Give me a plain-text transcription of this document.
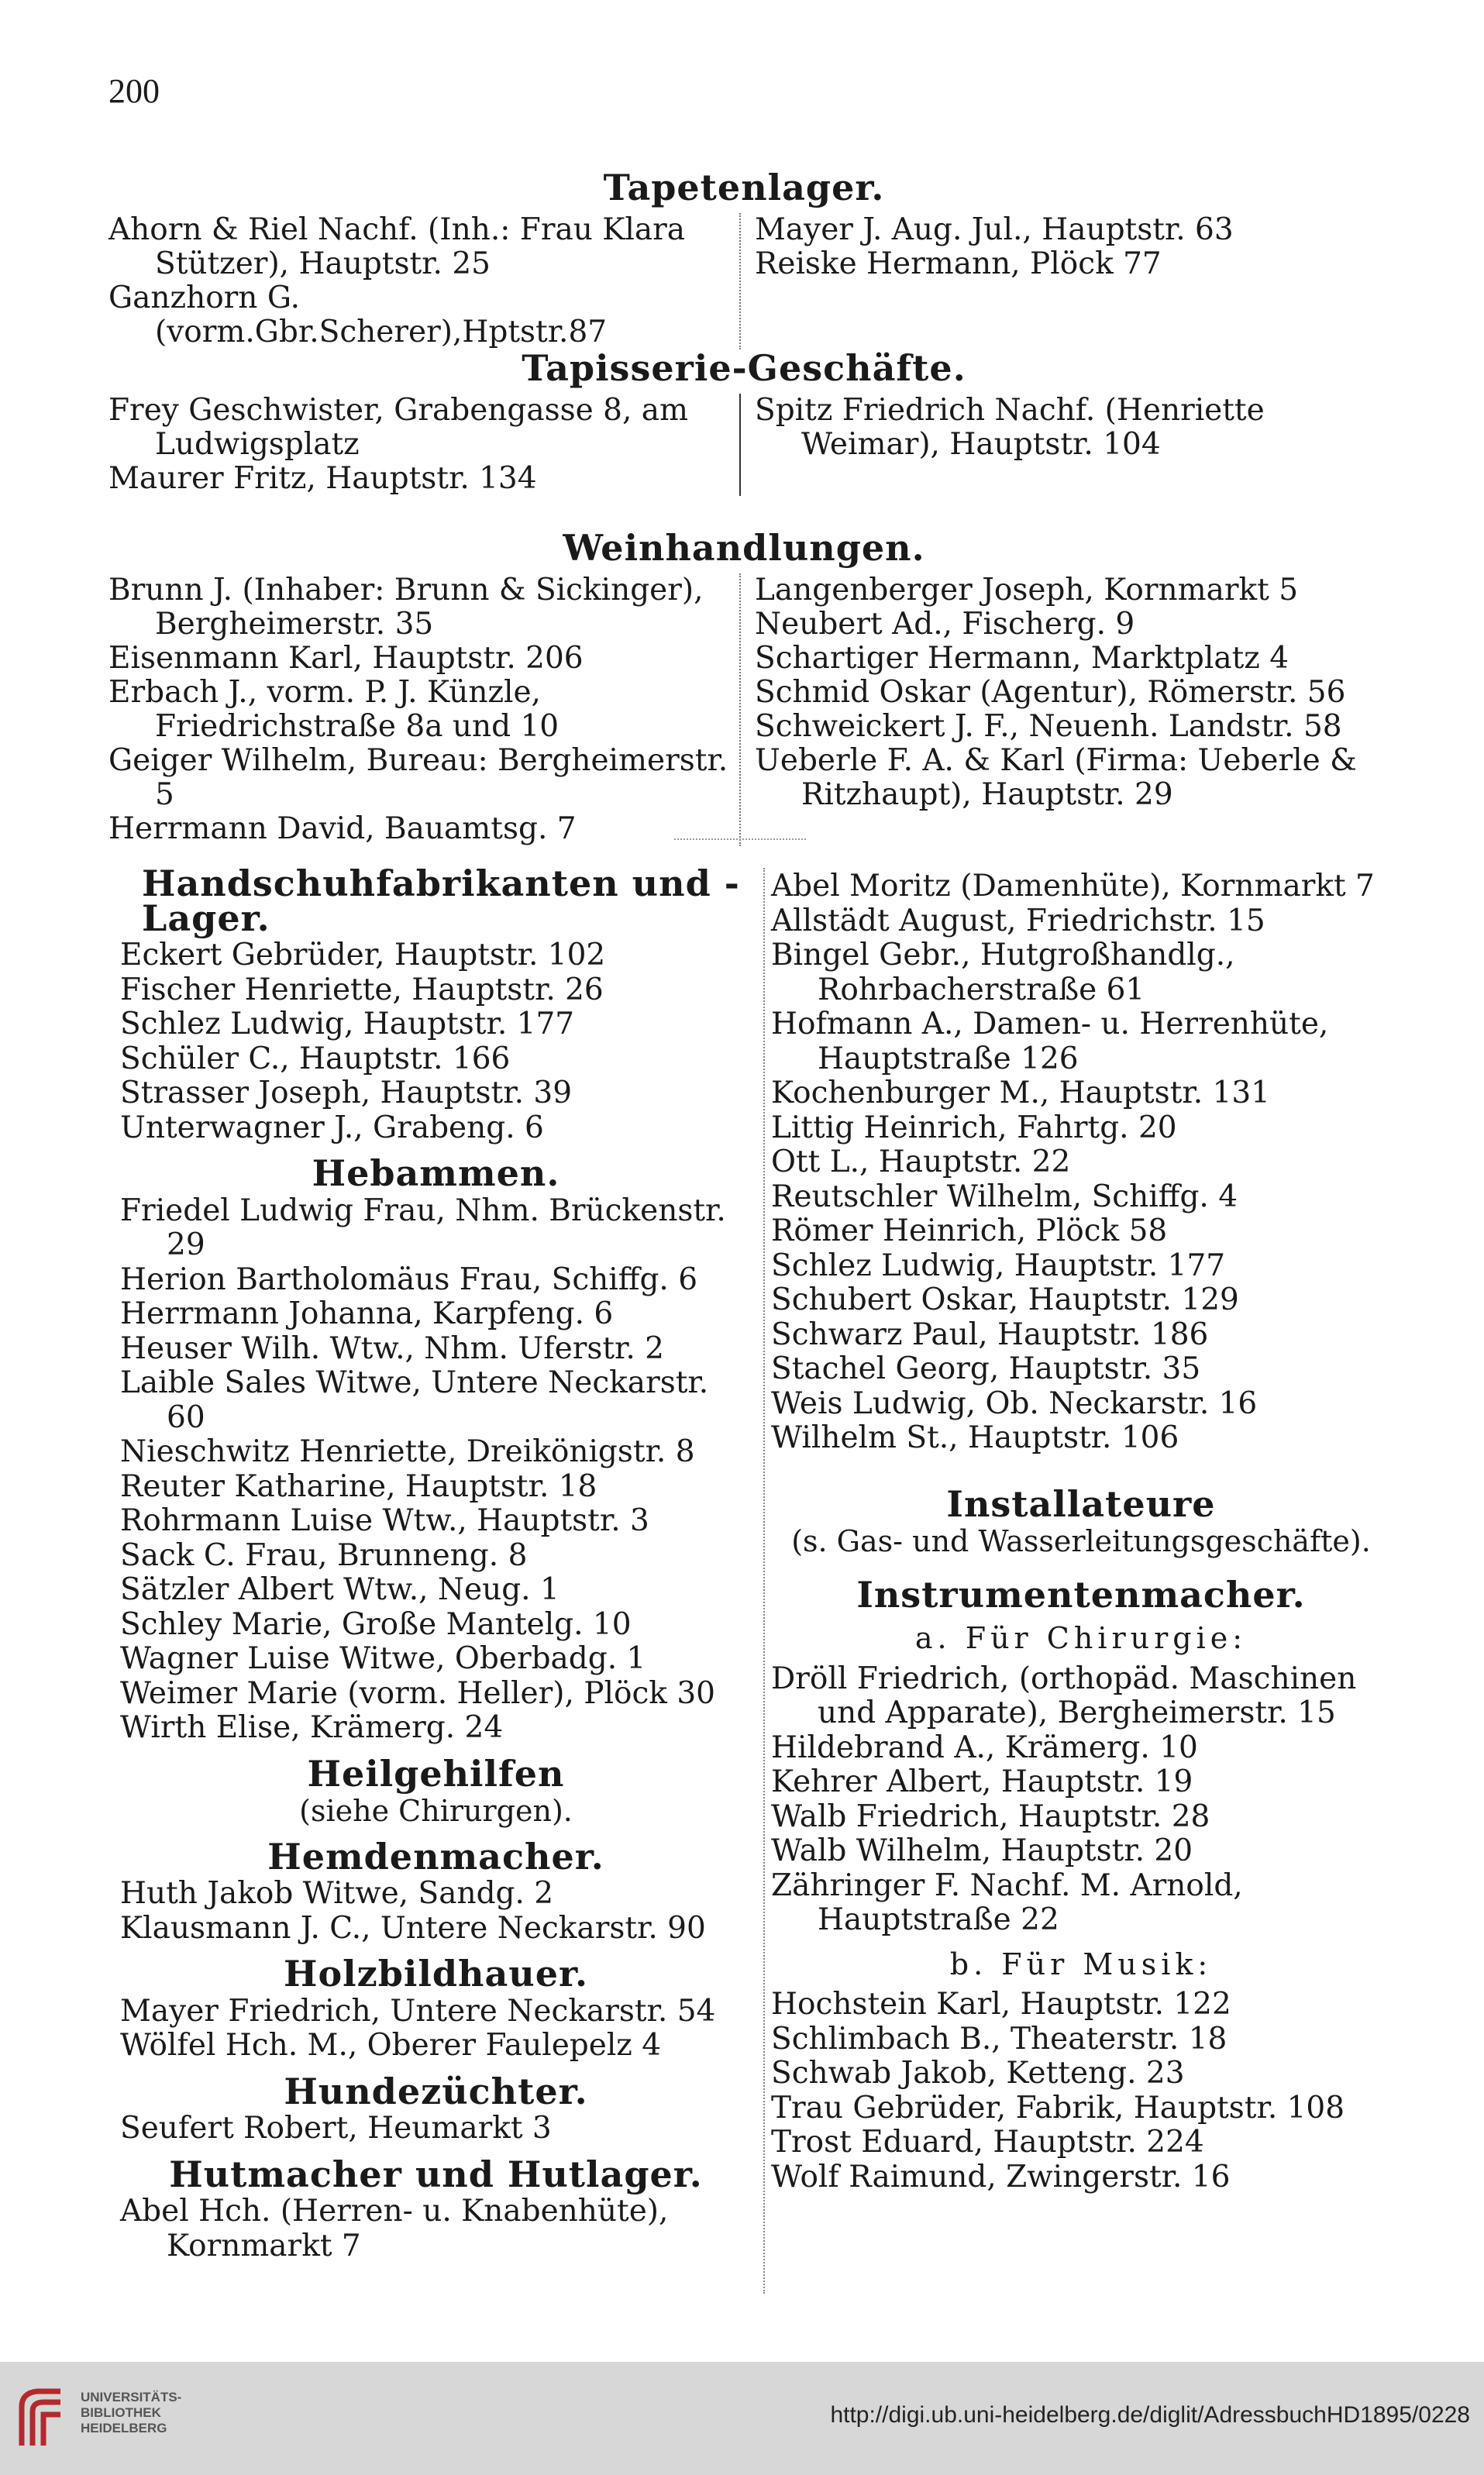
200
Tapetenlager.
Ahorn & Riel Nachf. (Inh.: Frau Klara Stützer), Hauptstr. 25
Ganzhorn G.(vorm.Gbr.Scherer),Hptstr.87
Mayer J. Aug. Jul., Hauptstr. 63
Reiske Hermann, Plöck 77
Tapisserie-Geschäfte.
Frey Geschwister, Grabengasse 8, am Ludwigsplatz
Maurer Fritz, Hauptstr. 134
Spitz Friedrich Nachf. (Henriette Weimar), Hauptstr. 104
Weinhandlungen.
Brunn J. (Inhaber: Brunn & Sickinger), Bergheimerstr. 35
Eisenmann Karl, Hauptstr. 206
Erbach J., vorm. P. J. Künzle, Friedrichstraße 8a und 10
Geiger Wilhelm, Bureau: Bergheimerstr. 5
Herrmann David, Bauamtsg. 7
Langenberger Joseph, Kornmarkt 5
Neubert Ad., Fischerg. 9
Schartiger Hermann, Marktplatz 4
Schmid Oskar (Agentur), Römerstr. 56
Schweickert J. F., Neuenh. Landstr. 58
Ueberle F. A. & Karl (Firma: Ueberle & Ritzhaupt), Hauptstr. 29
Handschuhfabrikanten und -Lager.
Eckert Gebrüder, Hauptstr. 102
Fischer Henriette, Hauptstr. 26
Schlez Ludwig, Hauptstr. 177
Schüler C., Hauptstr. 166
Strasser Joseph, Hauptstr. 39
Unterwagner J., Grabeng. 6
Hebammen.
Friedel Ludwig Frau, Nhm. Brückenstr. 29
Herion Bartholomäus Frau, Schiffg. 6
Herrmann Johanna, Karpfeng. 6
Heuser Wilh. Wtw., Nhm. Uferstr. 2
Laible Sales Witwe, Untere Neckarstr. 60
Nieschwitz Henriette, Dreikönigstr. 8
Reuter Katharine, Hauptstr. 18
Rohrmann Luise Wtw., Hauptstr. 3
Sack C. Frau, Brunneng. 8
Sätzler Albert Wtw., Neug. 1
Schley Marie, Große Mantelg. 10
Wagner Luise Witwe, Oberbadg. 1
Weimer Marie (vorm. Heller), Plöck 30
Wirth Elise, Krämerg. 24
Heilgehilfen
(siehe Chirurgen).
Hemdenmacher.
Huth Jakob Witwe, Sandg. 2
Klausmann J. C., Untere Neckarstr. 90
Holzbildhauer.
Mayer Friedrich, Untere Neckarstr. 54
Wölfel Hch. M., Oberer Faulepelz 4
Hundezüchter.
Seufert Robert, Heumarkt 3
Hutmacher und Hutlager.
Abel Hch. (Herren- u. Knabenhüte), Kornmarkt 7
Abel Moritz (Damenhüte), Kornmarkt 7
Allstädt August, Friedrichstr. 15
Bingel Gebr., Hutgroßhandlg., Rohrbacherstraße 61
Hofmann A., Damen- u. Herrenhüte, Hauptstraße 126
Kochenburger M., Hauptstr. 131
Littig Heinrich, Fahrtg. 20
Ott L., Hauptstr. 22
Reutschler Wilhelm, Schiffg. 4
Römer Heinrich, Plöck 58
Schlez Ludwig, Hauptstr. 177
Schubert Oskar, Hauptstr. 129
Schwarz Paul, Hauptstr. 186
Stachel Georg, Hauptstr. 35
Weis Ludwig, Ob. Neckarstr. 16
Wilhelm St., Hauptstr. 106
Installateure
(s. Gas- und Wasserleitungsgeschäfte).
Instrumentenmacher.
a. Für Chirurgie:
Dröll Friedrich, (orthopäd. Maschinen und Apparate), Bergheimerstr. 15
Hildebrand A., Krämerg. 10
Kehrer Albert, Hauptstr. 19
Walb Friedrich, Hauptstr. 28
Walb Wilhelm, Hauptstr. 20
Zähringer F. Nachf. M. Arnold, Hauptstraße 22
b. Für Musik:
Hochstein Karl, Hauptstr. 122
Schlimbach B., Theaterstr. 18
Schwab Jakob, Ketteng. 23
Trau Gebrüder, Fabrik, Hauptstr. 108
Trost Eduard, Hauptstr. 224
Wolf Raimund, Zwingerstr. 16
UNIVERSITÄTS-
BIBLIOTHEK
HEIDELBERG
http://digi.ub.uni-heidelberg.de/diglit/AdressbuchHD1895/0228
